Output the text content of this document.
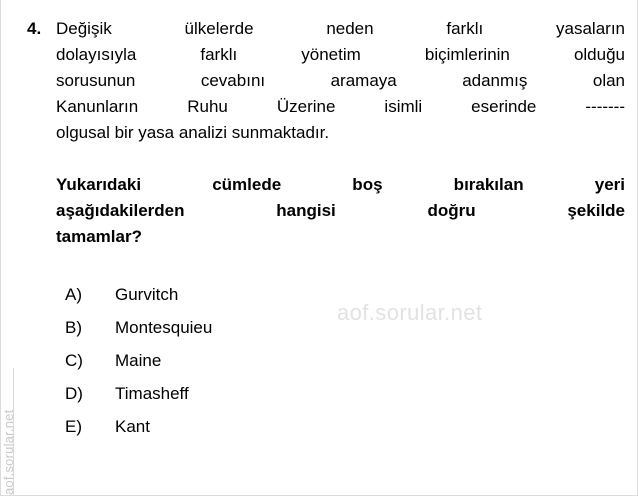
aof.sorular.net
aof.sorular.net
4. Değişik ülkelerde neden farklı yasaların
dolayısıyla farklı yönetim biçimlerinin olduğu
sorusunun cevabını aramaya adanmış olan
Kanunların Ruhu Üzerine isimli eserinde -------
olgusal bir yasa analizi sunmaktadır.
Yukarıdaki cümlede boş bırakılan yeri
aşağıdakilerden hangisi doğru şekilde
tamamlar?
A)	Gurvitch
B)	Montesquieu
C)	Maine
D)	Timasheff
E)	Kant
